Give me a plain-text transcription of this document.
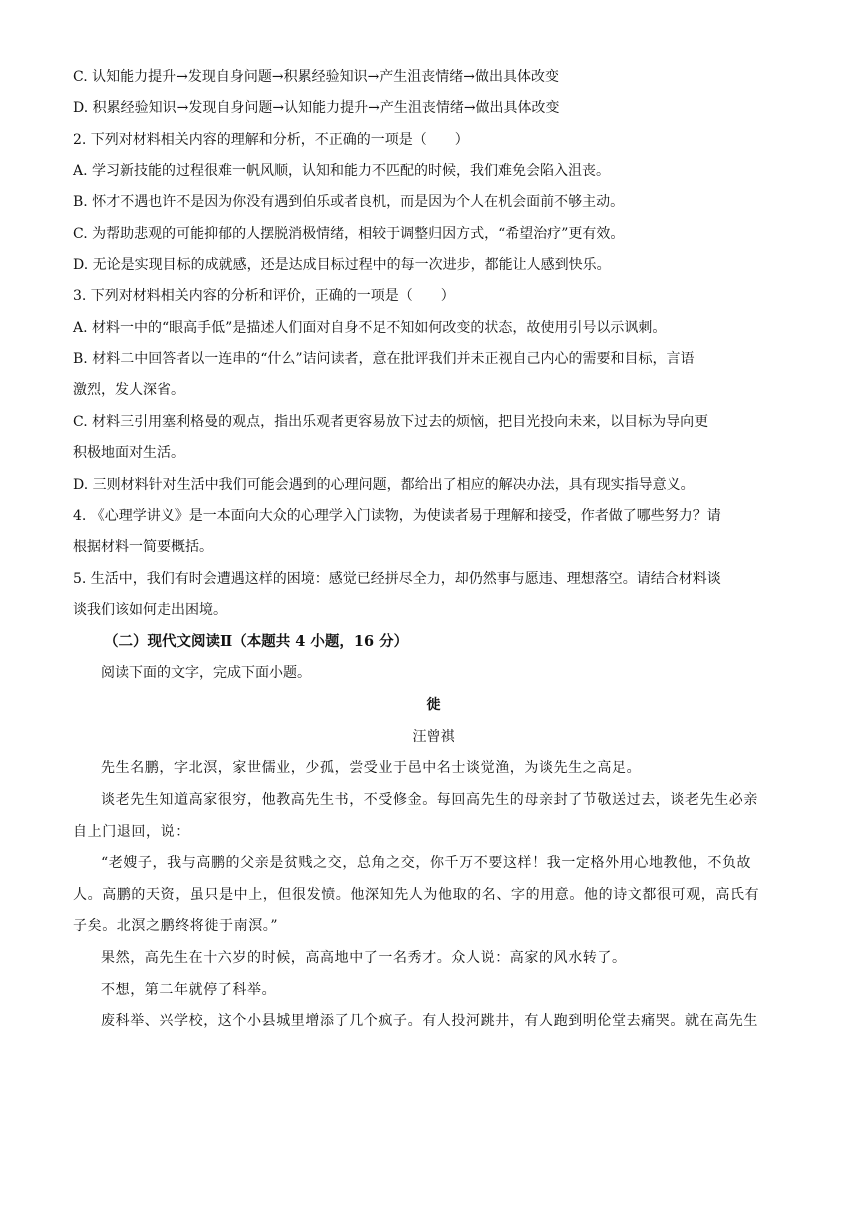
C. 认知能力提升→发现自身问题→积累经验知识→产生沮丧情绪→做出具体改变
D. 积累经验知识→发现自身问题→认知能力提升→产生沮丧情绪→做出具体改变
2. 下列对材料相关内容的理解和分析，不正确的一项是（　　）
A. 学习新技能的过程很难一帆风顺，认知和能力不匹配的时候，我们难免会陷入沮丧。
B. 怀才不遇也许不是因为你没有遇到伯乐或者良机，而是因为个人在机会面前不够主动。
C. 为帮助悲观的可能抑郁的人摆脱消极情绪，相较于调整归因方式，“希望治疗”更有效。
D. 无论是实现目标的成就感，还是达成目标过程中的每一次进步，都能让人感到快乐。
3. 下列对材料相关内容的分析和评价，正确的一项是（　　）
A. 材料一中的“眼高手低”是描述人们面对自身不足不知如何改变的状态，故使用引号以示讽刺。
B. 材料二中回答者以一连串的“什么”诘问读者，意在批评我们并未正视自己内心的需要和目标，言语
激烈，发人深省。
C. 材料三引用塞利格曼的观点，指出乐观者更容易放下过去的烦恼，把目光投向未来，以目标为导向更
积极地面对生活。
D. 三则材料针对生活中我们可能会遇到的心理问题，都给出了相应的解决办法，具有现实指导意义。
4. 《心理学讲义》是一本面向大众的心理学入门读物，为使读者易于理解和接受，作者做了哪些努力？请
根据材料一简要概括。
5. 生活中，我们有时会遭遇这样的困境：感觉已经拼尽全力，却仍然事与愿违、理想落空。请结合材料谈
谈我们该如何走出困境。
（二）现代文阅读Ⅱ（本题共 4 小题，16 分）
阅读下面的文字，完成下面小题。
徙
汪曾祺
先生名鹏，字北溟，家世儒业，少孤，尝受业于邑中名士谈觉渔，为谈先生之高足。
谈老先生知道高家很穷，他教高先生书，不受修金。每回高先生的母亲封了节敬送过去，谈老先生必亲
自上门退回，说：
“老嫂子，我与高鹏的父亲是贫贱之交，总角之交，你千万不要这样！我一定格外用心地教他，不负故
人。高鹏的天资，虽只是中上，但很发愤。他深知先人为他取的名、字的用意。他的诗文都很可观，高氏有
子矣。北溟之鹏终将徙于南溟。”
果然，高先生在十六岁的时候，高高地中了一名秀才。众人说：高家的风水转了。
不想，第二年就停了科举。
废科举、兴学校，这个小县城里增添了几个疯子。有人投河跳井，有人跑到明伦堂去痛哭。就在高先生
